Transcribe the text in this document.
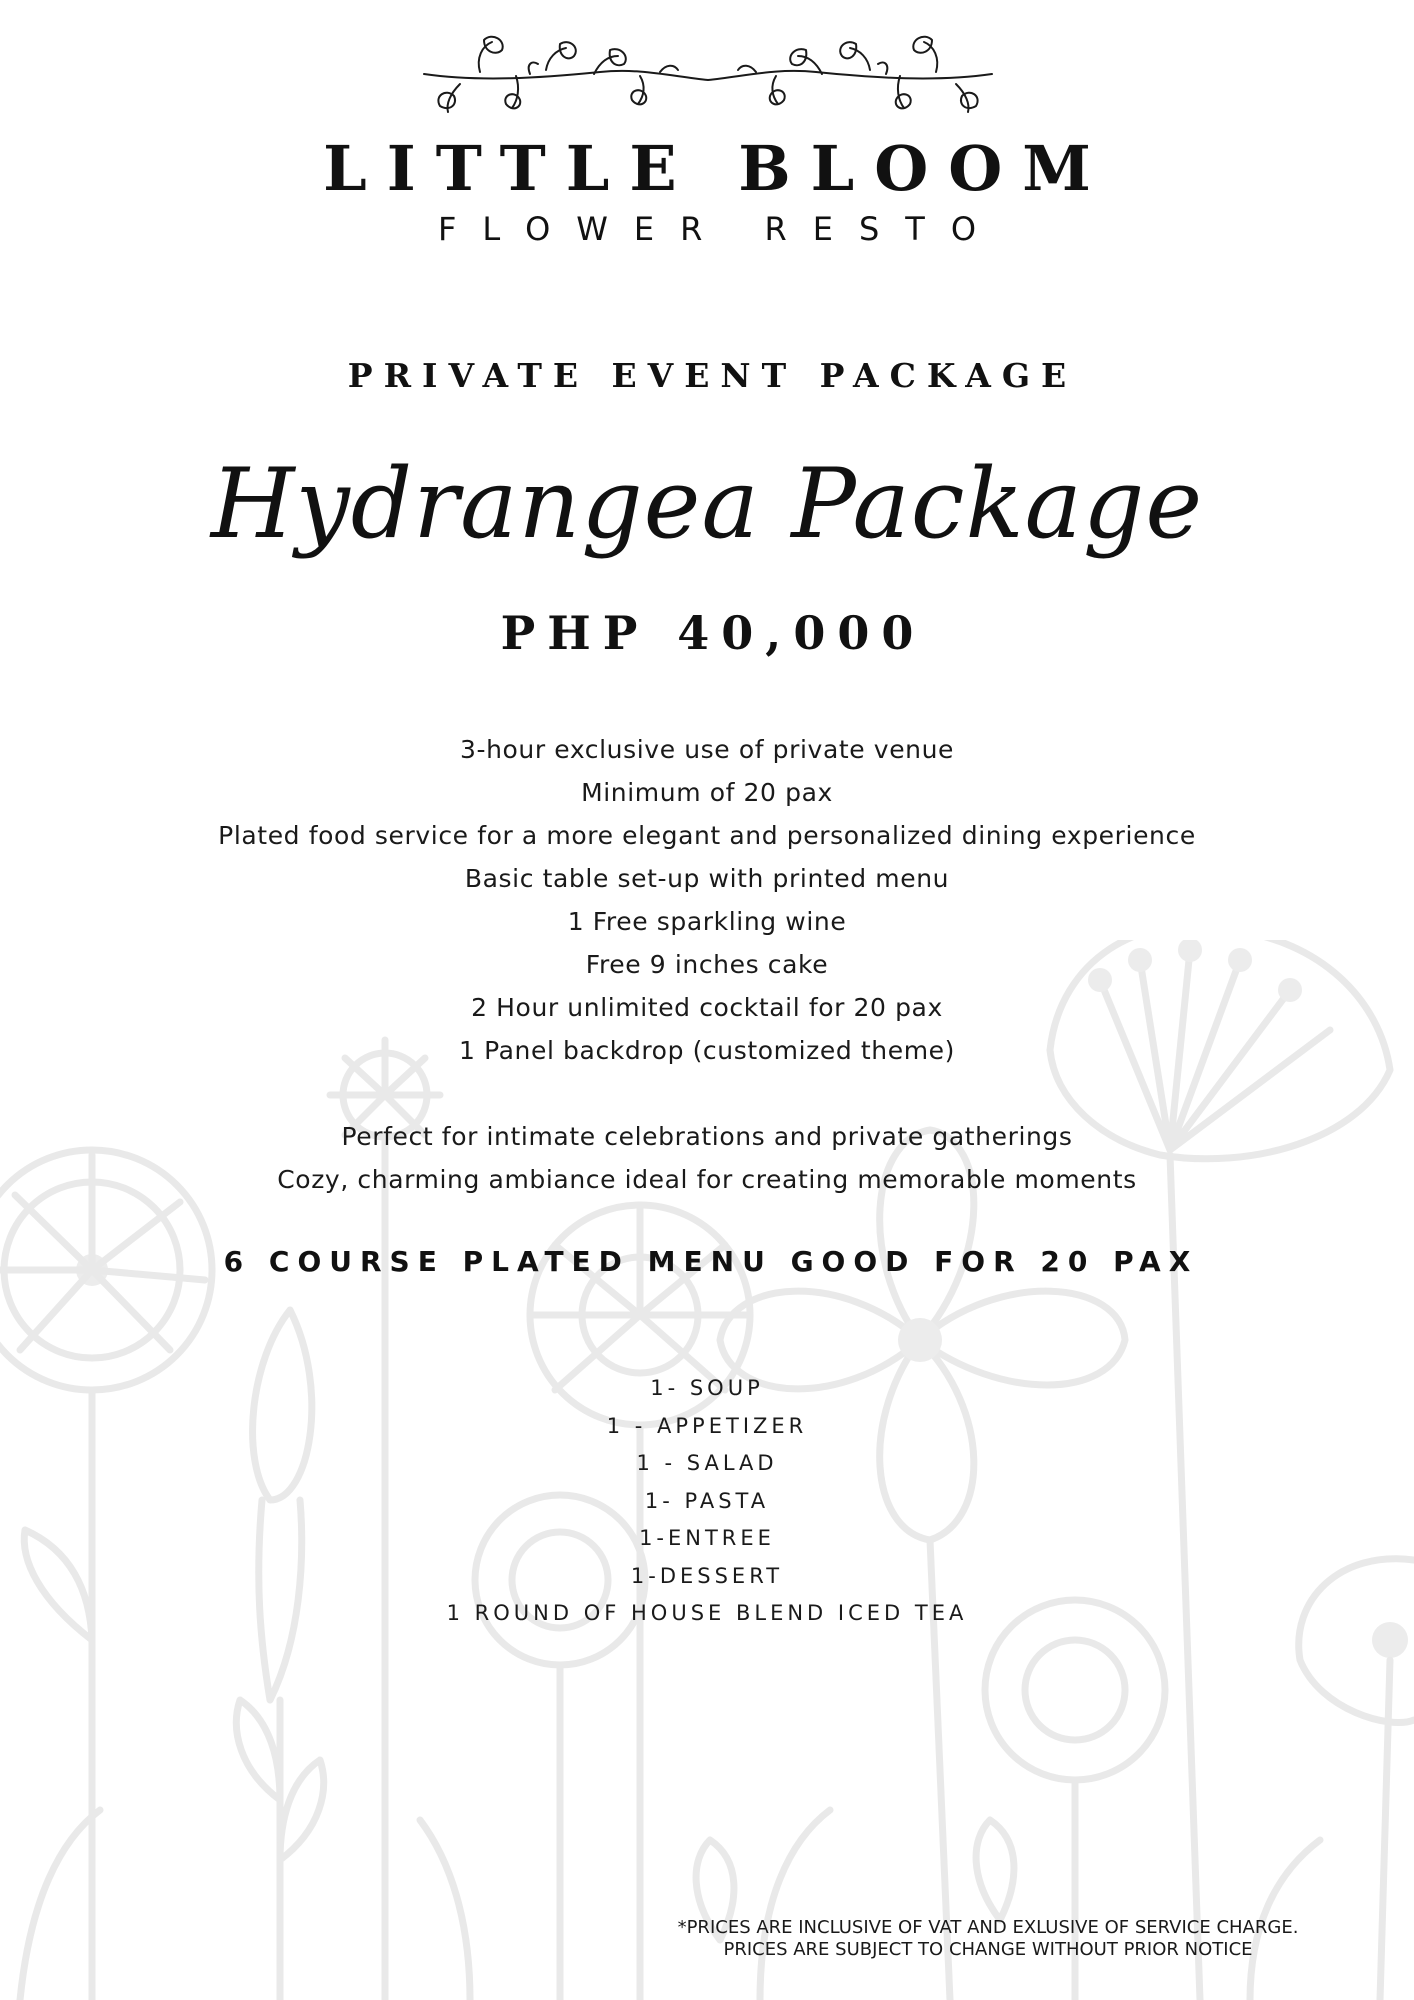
LITTLE BLOOM
FLOWER RESTO
PRIVATE EVENT PACKAGE
Hydrangea Package
PHP 40,000
3-hour exclusive use of private venue
Minimum of 20 pax
Plated food service for a more elegant and personalized dining experience
Basic table set-up with printed menu
1 Free sparkling wine
Free 9 inches cake
2 Hour unlimited cocktail for 20 pax
1 Panel backdrop (customized theme)
Perfect for intimate celebrations and private gatherings
Cozy, charming ambiance ideal for creating memorable moments
6 COURSE PLATED MENU GOOD FOR 20 PAX
1- SOUP
1 - APPETIZER
1 - SALAD
1- PASTA
1-ENTREE
1-DESSERT
1 ROUND OF HOUSE BLEND ICED TEA
*PRICES ARE INCLUSIVE OF VAT AND EXLUSIVE OF SERVICE CHARGE.
PRICES ARE SUBJECT TO CHANGE WITHOUT PRIOR NOTICE
